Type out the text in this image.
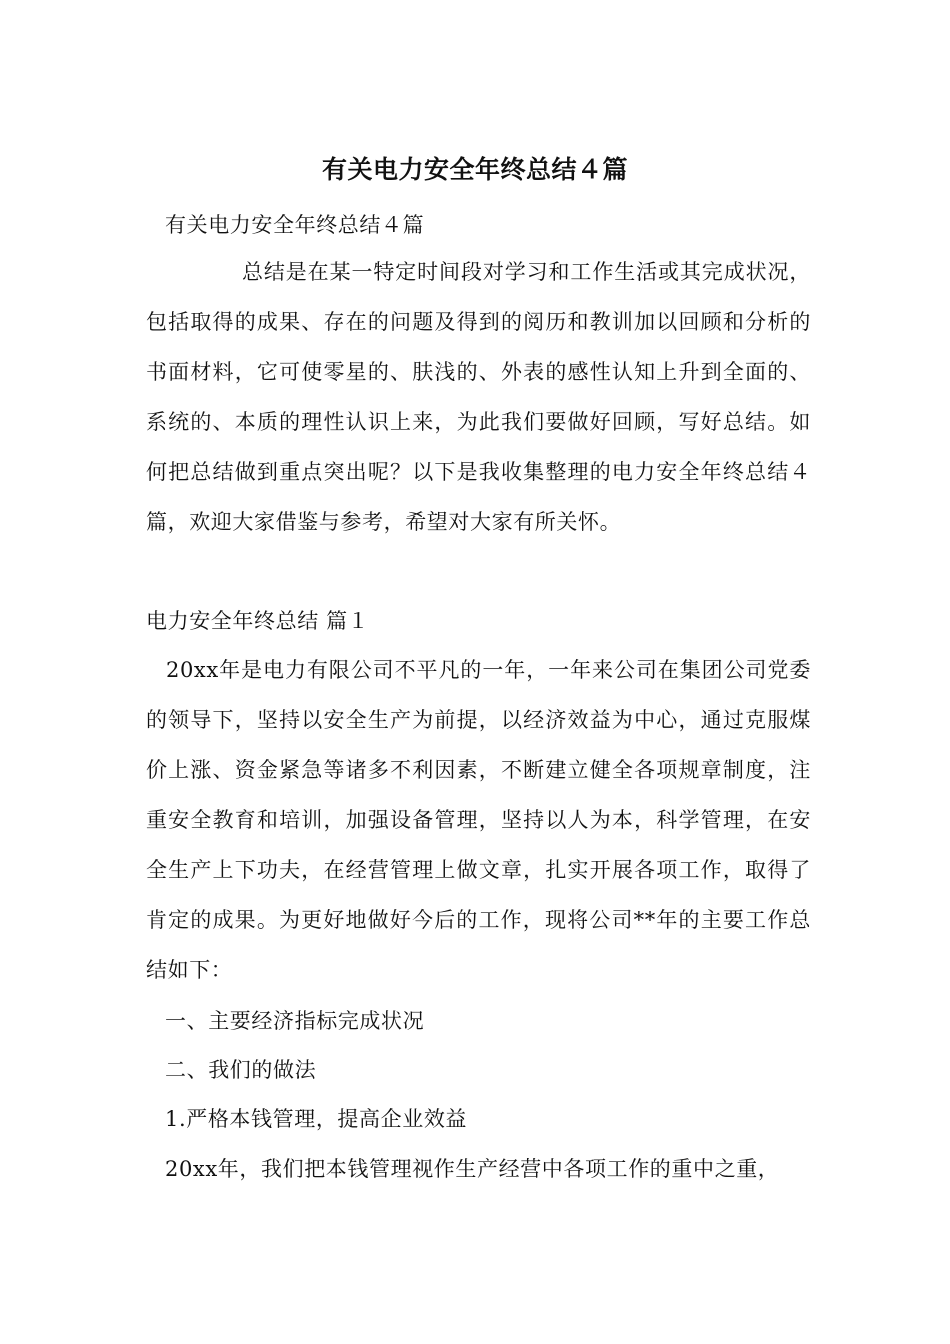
有关电力安全年终总结４篇
有关电力安全年终总结４篇
总结是在某一特定时间段对学习和工作生活或其完成状况，包括取得的成果、存在的问题及得到的阅历和教训加以回顾和分析的书面材料，它可使零星的、肤浅的、外表的感性认知上升到全面的、系统的、本质的理性认识上来，为此我们要做好回顾，写好总结。如何把总结做到重点突出呢？以下是我收集整理的电力安全年终总结４篇，欢迎大家借鉴与参考，希望对大家有所关怀。
电力安全年终总结 篇１
20xx年是电力有限公司不平凡的一年，一年来公司在集团公司党委的领导下，坚持以安全生产为前提，以经济效益为中心，通过克服煤价上涨、资金紧急等诸多不利因素，不断建立健全各项规章制度，注重安全教育和培训，加强设备管理，坚持以人为本，科学管理，在安全生产上下功夫，在经营管理上做文章，扎实开展各项工作，取得了肯定的成果。为更好地做好今后的工作，现将公司**年的主要工作总结如下：
一、主要经济指标完成状况
二、我们的做法
1.严格本钱管理，提高企业效益
20xx年，我们把本钱管理视作生产经营中各项工作的重中之重，
